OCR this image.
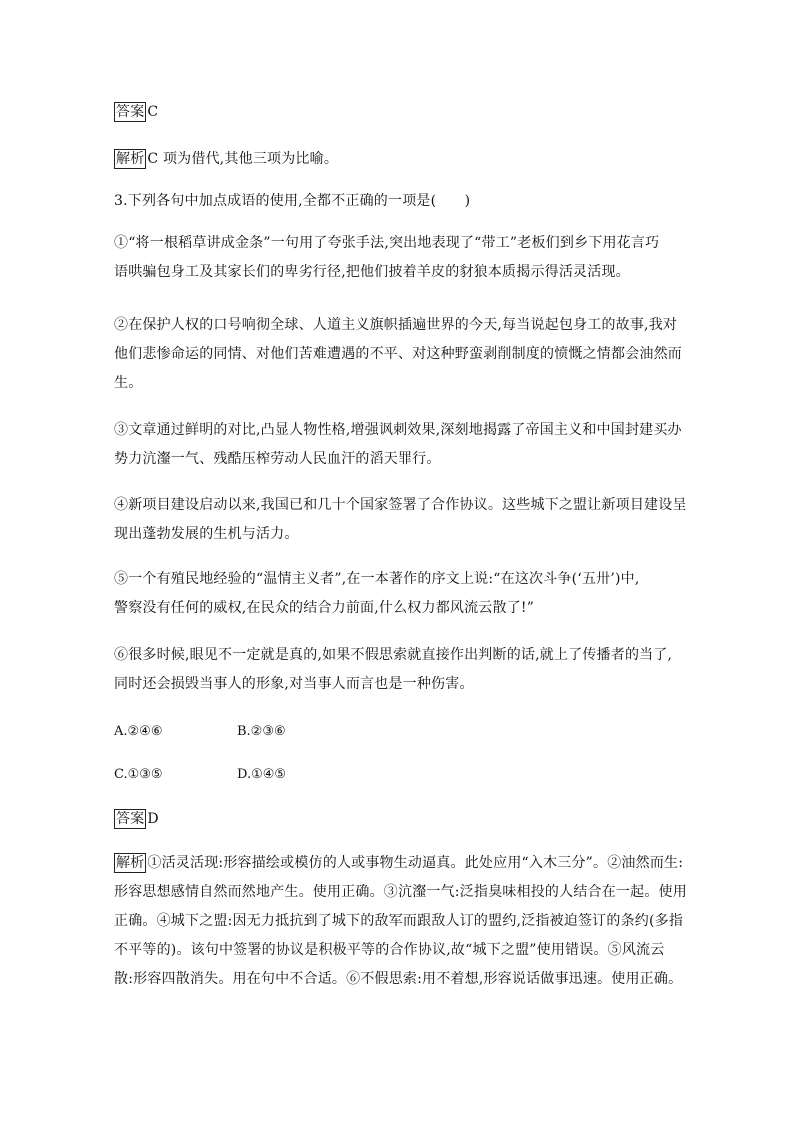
答案 C
解析 C 项为借代,其他三项为比喻。
3.下列各句中加点成语的使用,全都不正确的一项是(　　)
①“将一根稻草讲成金条”一句用了夸张手法,突出地表现了“带工”老板们到乡下用花言巧
语哄骗包身工及其家长们的卑劣行径,把他们披着羊皮的豺狼本质揭示得活灵活现。
②在保护人权的口号响彻全球、人道主义旗帜插遍世界的今天,每当说起包身工的故事,我对
他们悲惨命运的同情、对他们苦难遭遇的不平、对这种野蛮剥削制度的愤慨之情都会油然而
生。
③文章通过鲜明的对比,凸显人物性格,增强讽刺效果,深刻地揭露了帝国主义和中国封建买办
势力沆瀣一气、残酷压榨劳动人民血汗的滔天罪行。
④新项目建设启动以来,我国已和几十个国家签署了合作协议。这些城下之盟让新项目建设呈
现出蓬勃发展的生机与活力。
⑤一个有殖民地经验的“温情主义者”,在一本著作的序文上说:“在这次斗争(‘五卅’)中,
警察没有任何的威权,在民众的结合力前面,什么权力都风流云散了!”
⑥很多时候,眼见不一定就是真的,如果不假思索就直接作出判断的话,就上了传播者的当了,
同时还会损毁当事人的形象,对当事人而言也是一种伤害。
A.②④⑥	B.②③⑥
C.①③⑤	D.①④⑤
答案 D
解析 ①活灵活现:形容描绘或模仿的人或事物生动逼真。此处应用“入木三分”。②油然而生:
形容思想感情自然而然地产生。使用正确。③沆瀣一气:泛指臭味相投的人结合在一起。使用
正确。④城下之盟:因无力抵抗到了城下的敌军而跟敌人订的盟约,泛指被迫签订的条约(多指
不平等的)。该句中签署的协议是积极平等的合作协议,故“城下之盟”使用错误。⑤风流云
散:形容四散消失。用在句中不合适。⑥不假思索:用不着想,形容说话做事迅速。使用正确。
